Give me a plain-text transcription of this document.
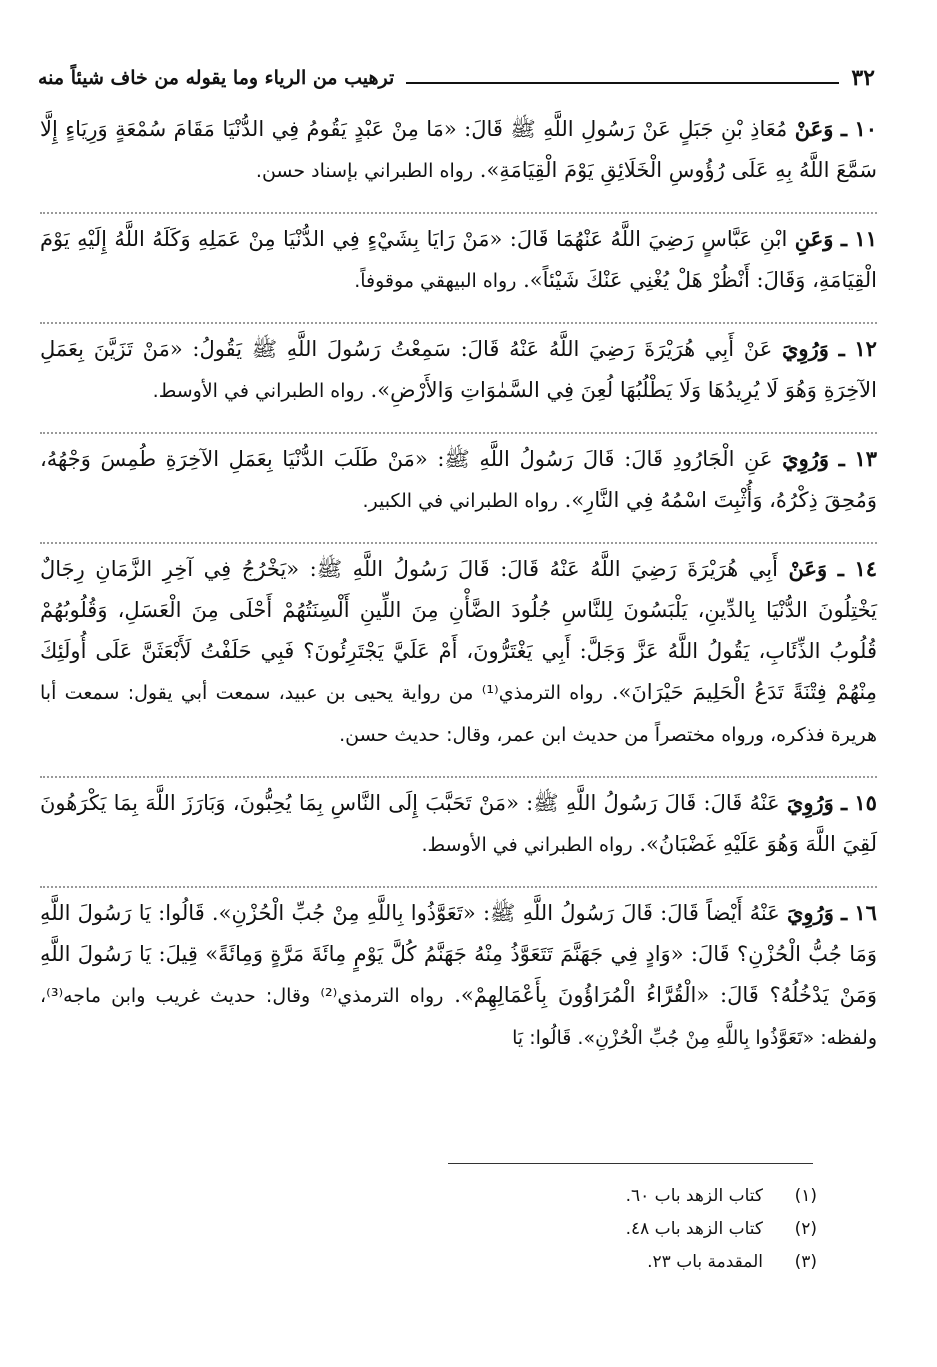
٣٢
ترهيب من الرياء وما يقوله من خاف شيئاً منه

١٠ ـ وَعَنْ مُعَاذِ بْنِ جَبَلٍ عَنْ رَسُولِ اللَّهِ ﷺ قَالَ: «مَا مِنْ عَبْدٍ يَقُومُ فِي الدُّنْيَا مَقَامَ سُمْعَةٍ وَرِيَاءٍ إِلَّا سَمَّعَ اللَّهُ بِهِ عَلَى رُؤُوسِ الْخَلَائِقِ يَوْمَ الْقِيَامَةِ». رواه الطبراني بإسناد حسن.

١١ ـ وَعَنِ ابْنِ عَبَّاسٍ رَضِيَ اللَّهُ عَنْهُمَا قَالَ: «مَنْ رَايَا بِشَيْءٍ فِي الدُّنْيَا مِنْ عَمَلِهِ وَكَلَهُ اللَّهُ إِلَيْهِ يَوْمَ الْقِيَامَةِ، وَقَالَ: أَنْظُرْ هَلْ يُغْنِي عَنْكَ شَيْئاً». رواه البيهقي موقوفاً.

١٢ ـ وَرُوِيَ عَنْ أَبِي هُرَيْرَةَ رَضِيَ اللَّهُ عَنْهُ قَالَ: سَمِعْتُ رَسُولَ اللَّهِ ﷺ يَقُولُ: «مَنْ تَزَيَّنَ بِعَمَلِ الآخِرَةِ وَهُوَ لَا يُرِيدُهَا وَلَا يَطْلُبُهَا لُعِنَ فِي السَّمٰوَاتِ وَالأَرْضِ». رواه الطبراني في الأوسط.

١٣ ـ وَرُوِيَ عَنِ الْجَارُودِ قَالَ: قَالَ رَسُولُ اللَّهِ ﷺ: «مَنْ طَلَبَ الدُّنْيَا بِعَمَلِ الآخِرَةِ طُمِسَ وَجْهُهُ، وَمُحِقَ ذِكْرُهُ، وَأُثْبِتَ اسْمُهُ فِي النَّارِ». رواه الطبراني في الكبير.

١٤ ـ وَعَنْ أَبِي هُرَيْرَةَ رَضِيَ اللَّهُ عَنْهُ قَالَ: قَالَ رَسُولُ اللَّهِ ﷺ: «يَخْرُجُ فِي آخِرِ الزَّمَانِ رِجَالٌ يَخْتِلُونَ الدُّنْيَا بِالدِّينِ، يَلْبَسُونَ لِلنَّاسِ جُلُودَ الضَّأْنِ مِنَ اللِّينِ أَلْسِنَتُهُمْ أَحْلَى مِنَ الْعَسَلِ، وَقُلُوبُهُمْ قُلُوبُ الذِّئَابِ، يَقُولُ اللَّهُ عَزَّ وَجَلَّ: أَبِي يَغْتَرُّونَ، أَمْ عَلَيَّ يَجْتَرِئُونَ؟ فَبِي حَلَفْتُ لَأَبْعَثَنَّ عَلَى أُولَئِكَ مِنْهُمْ فِتْنَةً تَدَعُ الْحَلِيمَ حَيْرَانَ». رواه الترمذي⁽¹⁾ من رواية يحيى بن عبيد، سمعت أبي يقول: سمعت أبا هريرة فذكره، ورواه مختصراً من حديث ابن عمر، وقال: حديث حسن.

١٥ ـ وَرُوِيَ عَنْهُ قَالَ: قَالَ رَسُولُ اللَّهِ ﷺ: «مَنْ تَحَبَّبَ إِلَى النَّاسِ بِمَا يُحِبُّونَ، وَبَارَزَ اللَّهَ بِمَا يَكْرَهُونَ لَقِيَ اللَّهَ وَهُوَ عَلَيْهِ غَضْبَانُ». رواه الطبراني في الأوسط.

١٦ ـ وَرُوِيَ عَنْهُ أَيْضاً قَالَ: قَالَ رَسُولُ اللَّهِ ﷺ: «تَعَوَّذُوا بِاللَّهِ مِنْ جُبِّ الْحُزْنِ». قَالُوا: يَا رَسُولَ اللَّهِ وَمَا جُبُّ الْحُزْنِ؟ قَالَ: «وَادٍ فِي جَهَنَّمَ تَتَعَوَّذُ مِنْهُ جَهَنَّمُ كُلَّ يَوْمٍ مِائَةَ مَرَّةٍ وَمِائَةً» قِيلَ: يَا رَسُولَ اللَّهِ وَمَنْ يَدْخُلُهُ؟ قَالَ: «الْقُرَّاءُ الْمُرَاؤُونَ بِأَعْمَالِهِمْ». رواه الترمذي⁽²⁾ وقال: حديث غريب وابن ماجه⁽³⁾، ولفظه: «تَعَوَّذُوا بِاللَّهِ مِنْ جُبِّ الْحُزْنِ». قَالُوا: يَا

(١)
كتاب الزهد باب ٦٠.
(٢)
كتاب الزهد باب ٤٨.
(٣)
المقدمة باب ٢٣.
